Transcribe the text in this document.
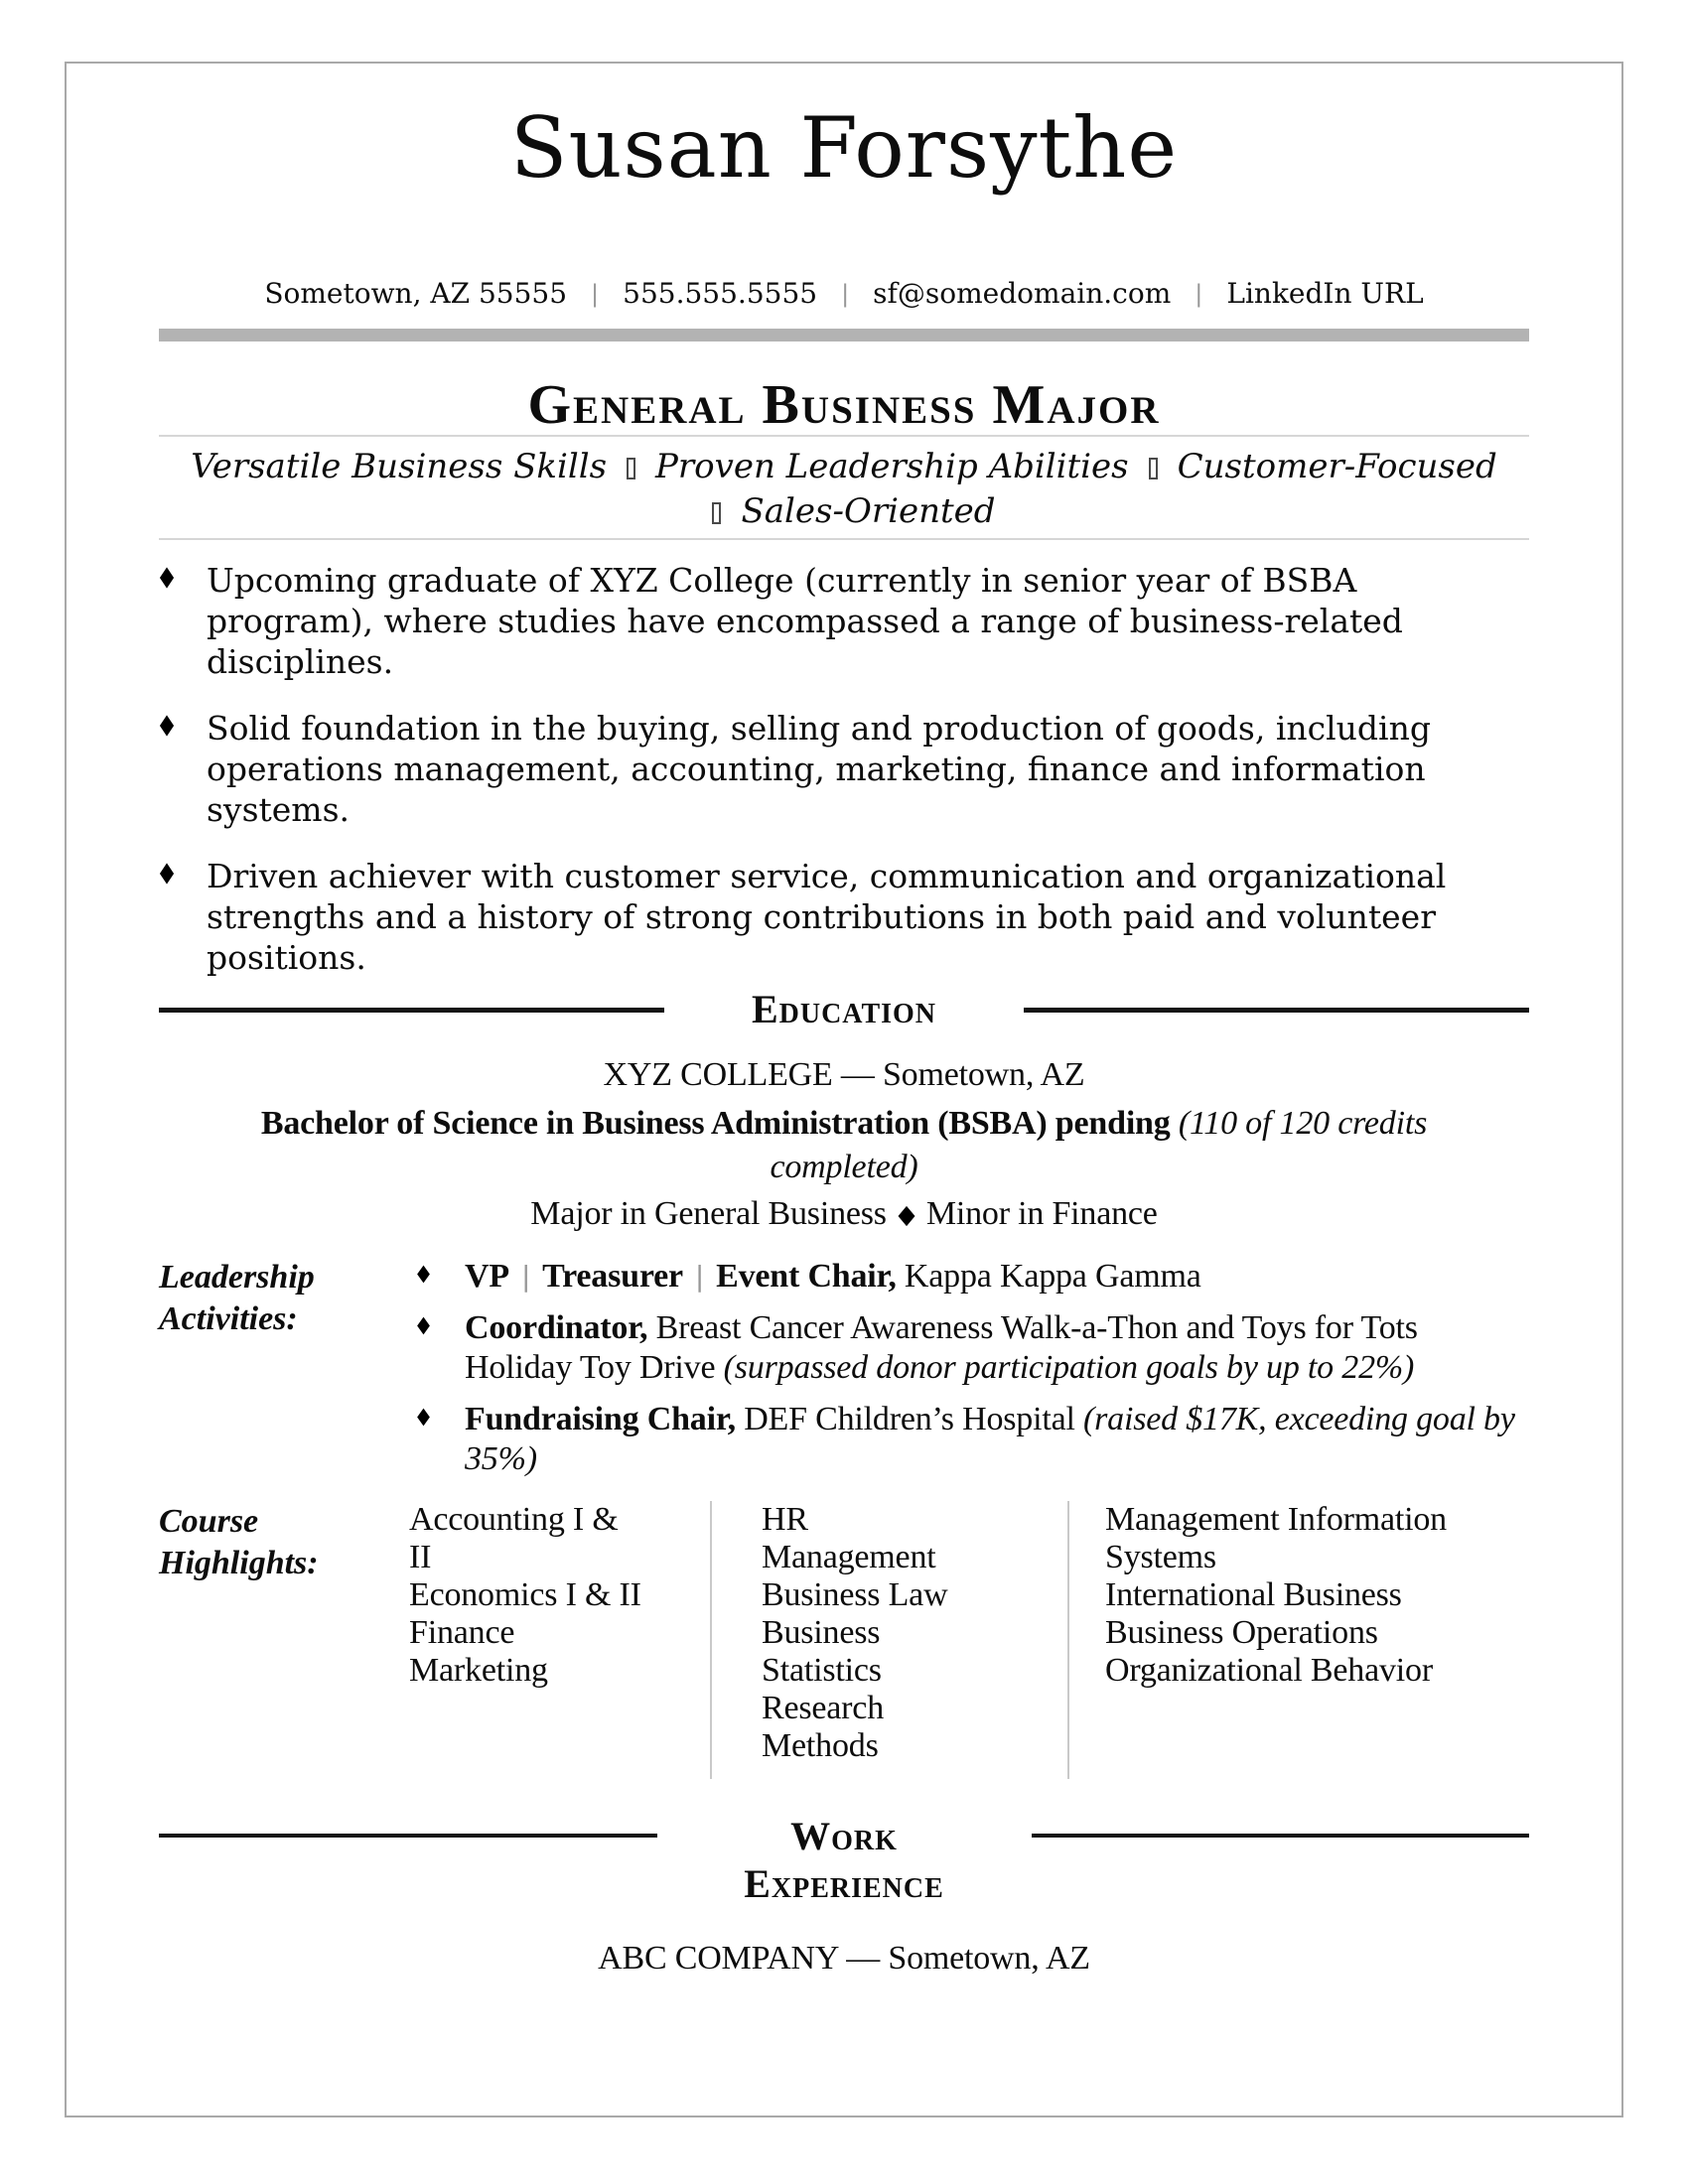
Susan Forsythe
Sometown, AZ 55555 | 555.555.5555 | sf@somedomain.com | LinkedIn URL
General Business Major
Versatile Business Skills Proven Leadership Abilities Customer-FocusedSales-Oriented
Upcoming graduate of XYZ College (currently in senior year of BSBA program), where studies have encompassed a range of business-related disciplines.
Solid foundation in the buying, selling and production of goods, including operations management, accounting, marketing, finance and information systems.
Driven achiever with customer service, communication and organizational strengths and a history of strong contributions in both paid and volunteer positions.
Education
XYZ COLLEGE — Sometown, AZ
Bachelor of Science in Business Administration (BSBA) pending (110 of 120 credits completed)
Major in General Business Minor in Finance
Leadership Activities:
VP | Treasurer | Event Chair, Kappa Kappa Gamma
Coordinator, Breast Cancer Awareness Walk-a-Thon and Toys for Tots Holiday Toy Drive (surpassed donor participation goals by up to 22%)
Fundraising Chair, DEF Children’s Hospital (raised $17K, exceeding goal by 35%)
Course Highlights:
Accounting I & II
Economics I & II
Finance
Marketing
HR Management
Business Law
Business Statistics
Research Methods
Management Information Systems
International Business
Business Operations
Organizational Behavior
Work Experience
ABC COMPANY — Sometown, AZ
